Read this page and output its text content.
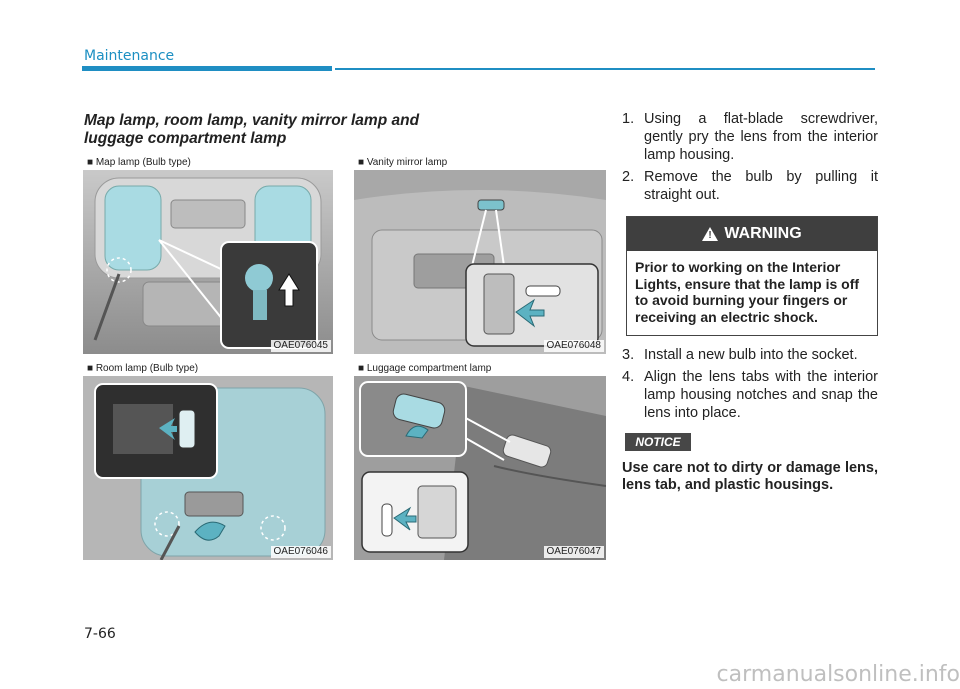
Maintenance
Map lamp, room lamp, vanity mirror lamp and luggage compartment lamp
■ Map lamp (Bulb type)
OAE076045
■ Vanity mirror lamp
OAE076048
■ Room lamp (Bulb type)
OAE076046
■ Luggage compartment lamp
OAE076047
1. Using a flat-blade screwdriver, gently pry the lens from the interior lamp housing.
2. Remove the bulb by pulling it straight out.
! WARNING
Prior to working on the Interior Lights, ensure that the lamp is off to avoid burning your fingers or receiving an electric shock.
3. Install a new bulb into the socket.
4. Align the lens tabs with the interior lamp housing notches and snap the lens into place.
NOTICE
Use care not to dirty or damage lens, lens tab, and plastic housings.
7-66
carmanualsonline.info
